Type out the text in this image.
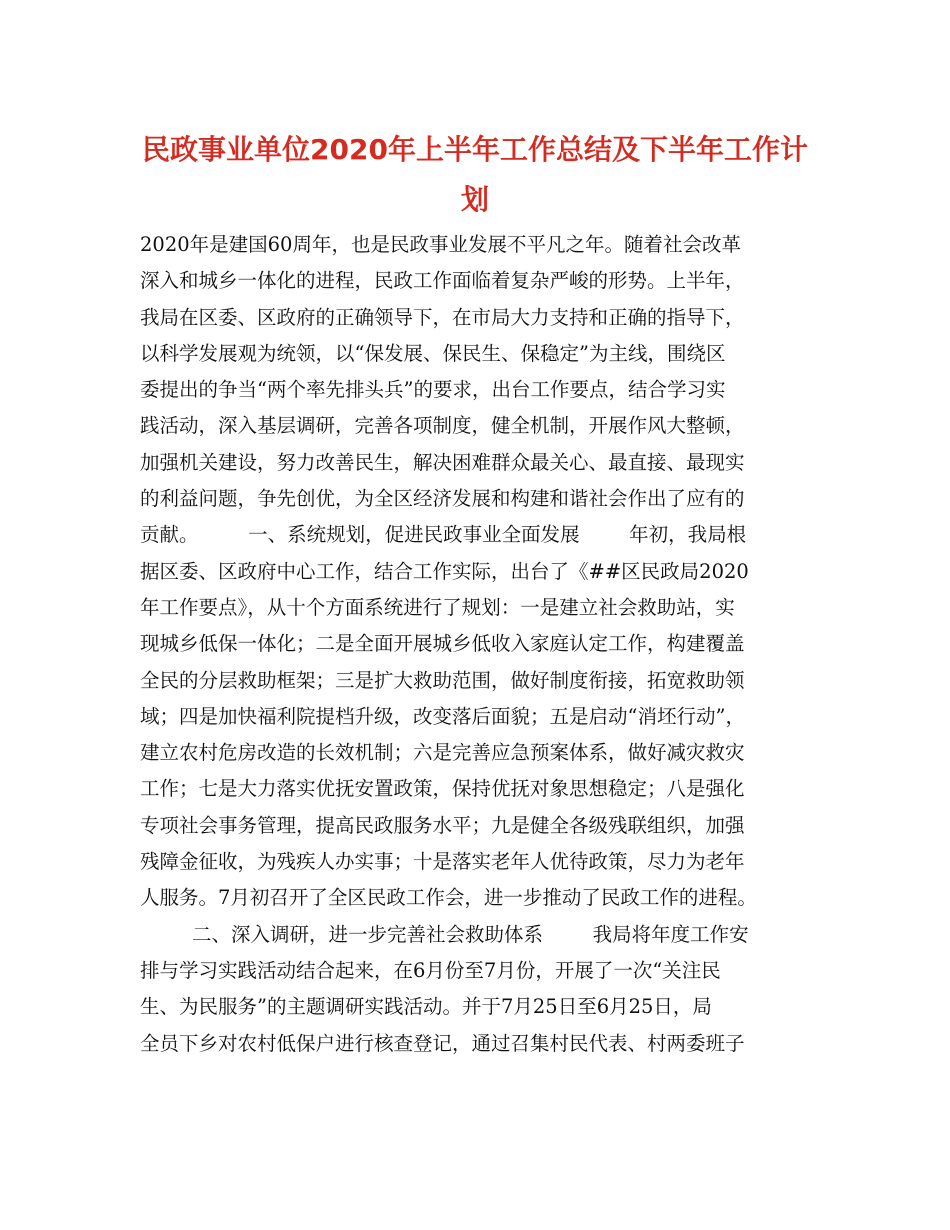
民政事业单位2020年上半年工作总结及下半年工作计
划
2020年是建国60周年，也是民政事业发展不平凡之年。随着社会改革
深入和城乡一体化的进程，民政工作面临着复杂严峻的形势。上半年，
我局在区委、区政府的正确领导下，在市局大力支持和正确的指导下，
以科学发展观为统领，以“保发展、保民生、保稳定”为主线，围绕区
委提出的争当“两个率先排头兵”的要求，出台工作要点，结合学习实
践活动，深入基层调研，完善各项制度，健全机制，开展作风大整顿，
加强机关建设，努力改善民生，解决困难群众最关心、最直接、最现实
的利益问题，争先创优，为全区经济发展和构建和谐社会作出了应有的
贡献。        一、系统规划，促进民政事业全面发展        年初，我局根
据区委、区政府中心工作，结合工作实际，出台了《##区民政局2020
年工作要点》，从十个方面系统进行了规划：一是建立社会救助站，实
现城乡低保一体化；二是全面开展城乡低收入家庭认定工作，构建覆盖
全民的分层救助框架；三是扩大救助范围，做好制度衔接，拓宽救助领
域；四是加快福利院提档升级，改变落后面貌；五是启动“消坯行动”，
建立农村危房改造的长效机制；六是完善应急预案体系，做好减灾救灾
工作；七是大力落实优抚安置政策，保持优抚对象思想稳定；八是强化
专项社会事务管理，提高民政服务水平；九是健全各级残联组织，加强
残障金征收，为残疾人办实事；十是落实老年人优待政策，尽力为老年
人服务。7月初召开了全区民政工作会，进一步推动了民政工作的进程。
二、深入调研，进一步完善社会救助体系        我局将年度工作安
排与学习实践活动结合起来，在6月份至7月份，开展了一次“关注民
生、为民服务”的主题调研实践活动。并于7月25日至6月25日，局
全员下乡对农村低保户进行核查登记，通过召集村民代表、村两委班子
